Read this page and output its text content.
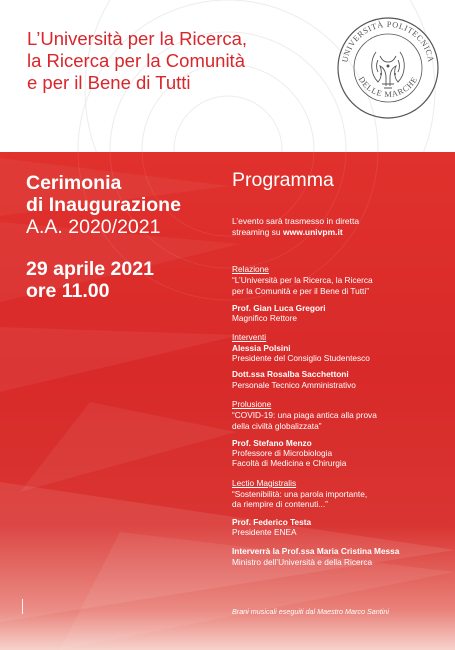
L’Università per la Ricerca,
la Ricerca per la Comunità
e per il Bene di Tutti
UNIVERSITÀ POLITECNICA
DELLE MARCHE
Cerimonia
di Inaugurazione
A.A. 2020/2021
29 aprile 2021
ore 11.00
Programma
L’evento sarà trasmesso in diretta
streaming su www.univpm.it
Relazione
“L’Università per la Ricerca, la Ricerca
per la Comunità e per il Bene di Tutti”
Prof. Gian Luca Gregori
Magnifico Rettore
Interventi
Alessia Polsini
Presidente del Consiglio Studentesco
Dott.ssa Rosalba Sacchettoni
Personale Tecnico Amministrativo
Prolusione
“COVID-19: una piaga antica alla prova
della civiltà globalizzata”
Prof. Stefano Menzo
Professore di Microbiologia
Facoltà di Medicina e Chirurgia
Lectio Magistralis
“Sostenibilità: una parola importante,
da riempire di contenuti...”
Prof. Federico Testa
Presidente ENEA
Interverrà la Prof.ssa Maria Cristina Messa
Ministro dell’Università e della Ricerca
Brani musicali eseguiti dal Maestro Marco Santini
